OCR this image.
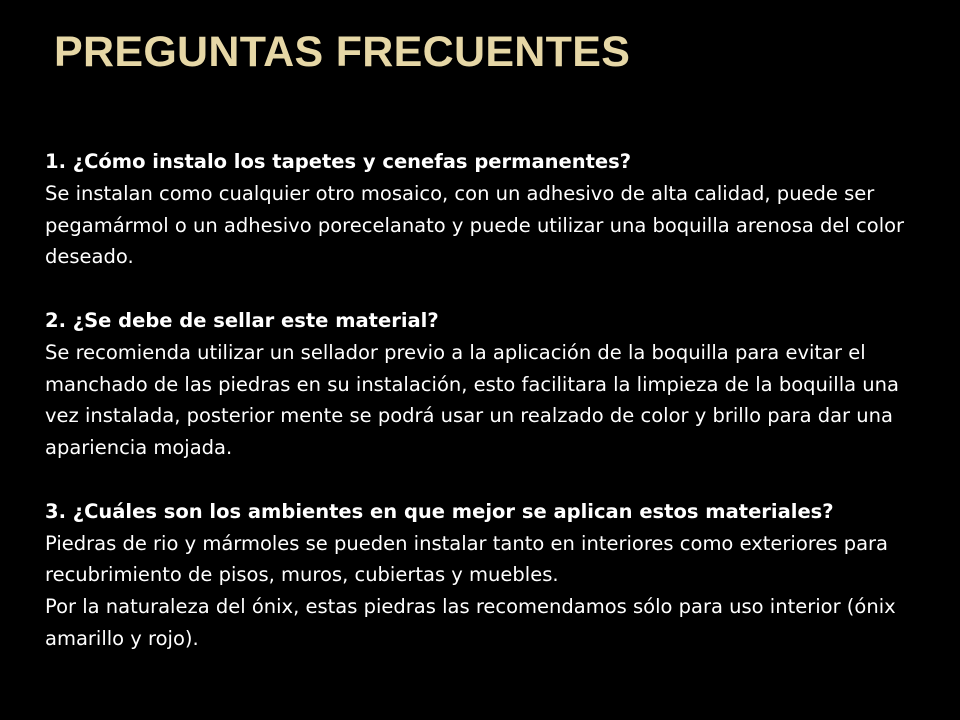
PREGUNTAS FRECUENTES
1. ¿Cómo instalo los tapetes y cenefas permanentes?

Se instalan como cualquier otro mosaico, con un adhesivo de alta calidad, puede ser pegamármol o un adhesivo porecelanato y puede utilizar una boquilla arenosa del color deseado.

2. ¿Se debe de sellar este material?

Se recomienda utilizar un sellador previo a la aplicación de la boquilla para evitar el manchado de las piedras en su instalación, esto facilitara la limpieza de la boquilla una vez instalada, posterior mente se podrá usar un realzado de color y brillo para dar una apariencia mojada.

3. ¿Cuáles son los ambientes en que mejor se aplican estos materiales?

Piedras de rio y mármoles se pueden instalar tanto en interiores como exteriores para recubrimiento de pisos, muros, cubiertas y muebles.

Por la naturaleza del ónix, estas piedras las recomendamos sólo para uso interior (ónix amarillo y rojo).
